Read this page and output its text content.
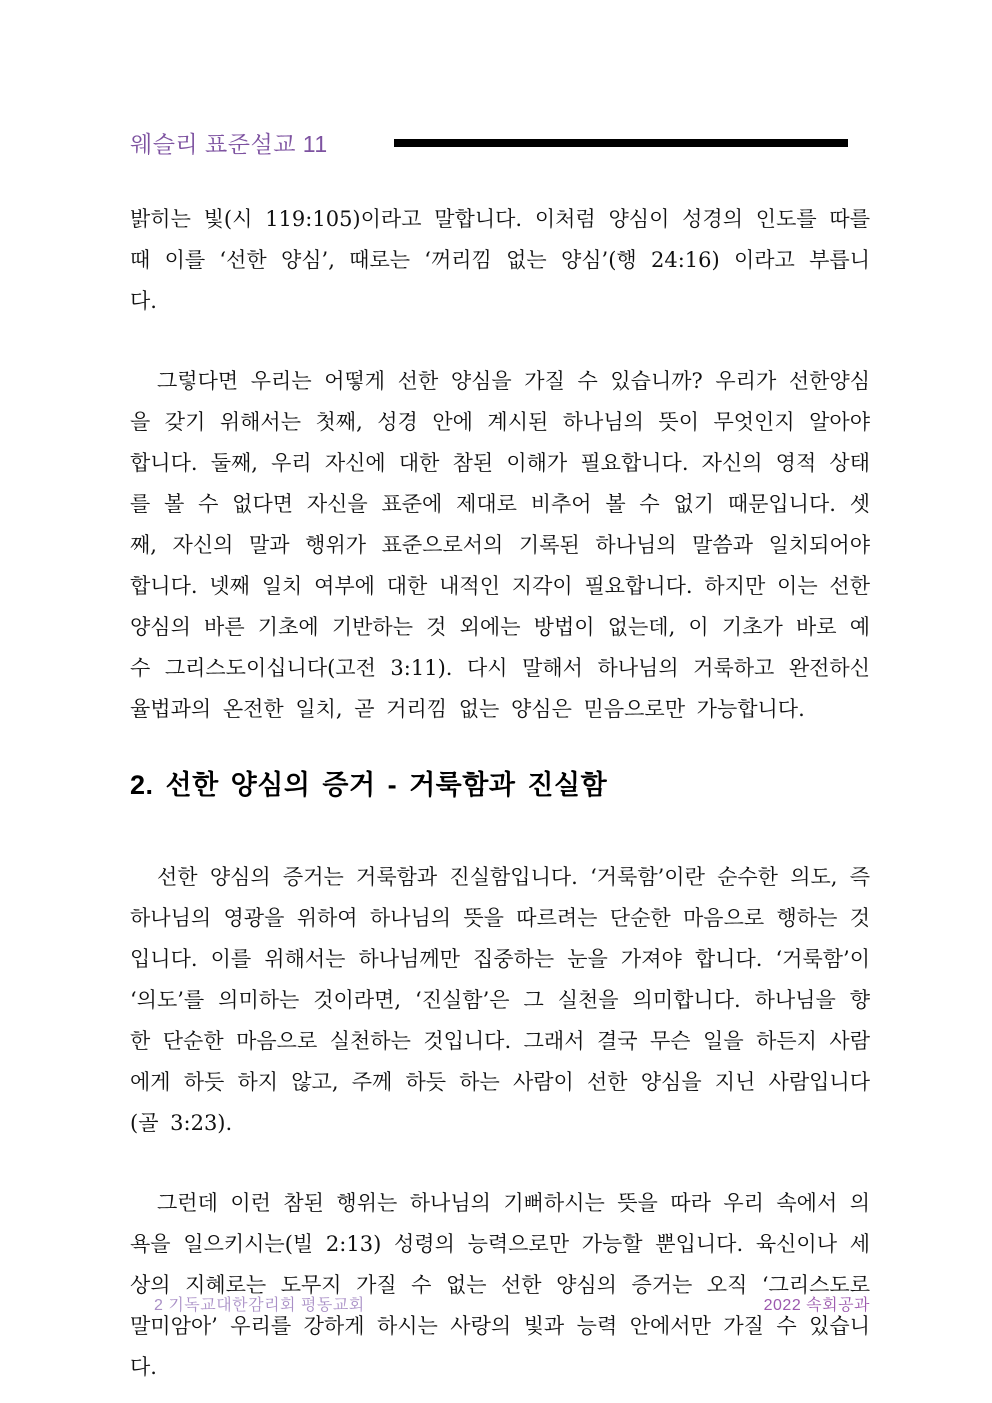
웨슬리 표준설교 11

밝히는 빛(시 119:105)이라고 말합니다. 이처럼 양심이 성경의 인도를 따를 때 이를 ‘선한 양심’, 때로는 ‘꺼리낌 없는 양심’(행 24:16) 이라고 부릅니다.

그렇다면 우리는 어떻게 선한 양심을 가질 수 있습니까? 우리가 선한양심을 갖기 위해서는 첫째, 성경 안에 계시된 하나님의 뜻이 무엇인지 알아야 합니다. 둘째, 우리 자신에 대한 참된 이해가 필요합니다. 자신의 영적 상태를 볼 수 없다면 자신을 표준에 제대로 비추어 볼 수 없기 때문입니다. 셋째, 자신의 말과 행위가 표준으로서의 기록된 하나님의 말씀과 일치되어야 합니다. 넷째 일치 여부에 대한 내적인 지각이 필요합니다. 하지만 이는 선한 양심의 바른 기초에 기반하는 것 외에는 방법이 없는데, 이 기초가 바로 예수 그리스도이십니다(고전 3:11). 다시 말해서 하나님의 거룩하고 완전하신 율법과의 온전한 일치, 곧 거리낌 없는 양심은 믿음으로만 가능합니다.

2. 선한 양심의 증거 - 거룩함과 진실함

선한 양심의 증거는 거룩함과 진실함입니다. ‘거룩함’이란 순수한 의도, 즉 하나님의 영광을 위하여 하나님의 뜻을 따르려는 단순한 마음으로 행하는 것입니다. 이를 위해서는 하나님께만 집중하는 눈을 가져야 합니다. ‘거룩함’이 ‘의도’를 의미하는 것이라면, ‘진실함’은 그 실천을 의미합니다. 하나님을 향한 단순한 마음으로 실천하는 것입니다. 그래서 결국 무슨 일을 하든지 사람에게 하듯 하지 않고, 주께 하듯 하는 사람이 선한 양심을 지닌 사람입니다(골 3:23).

그런데 이런 참된 행위는 하나님의 기뻐하시는 뜻을 따라 우리 속에서 의욕을 일으키시는(빌 2:13) 성령의 능력으로만 가능할 뿐입니다. 육신이나 세상의 지혜로는 도무지 가질 수 없는 선한 양심의 증거는 오직 ‘그리스도로 말미암아’ 우리를 강하게 하시는 사랑의 빛과 능력 안에서만 가질 수 있습니다.

2 기독교대한감리회 평동교회	2022 속회공과
